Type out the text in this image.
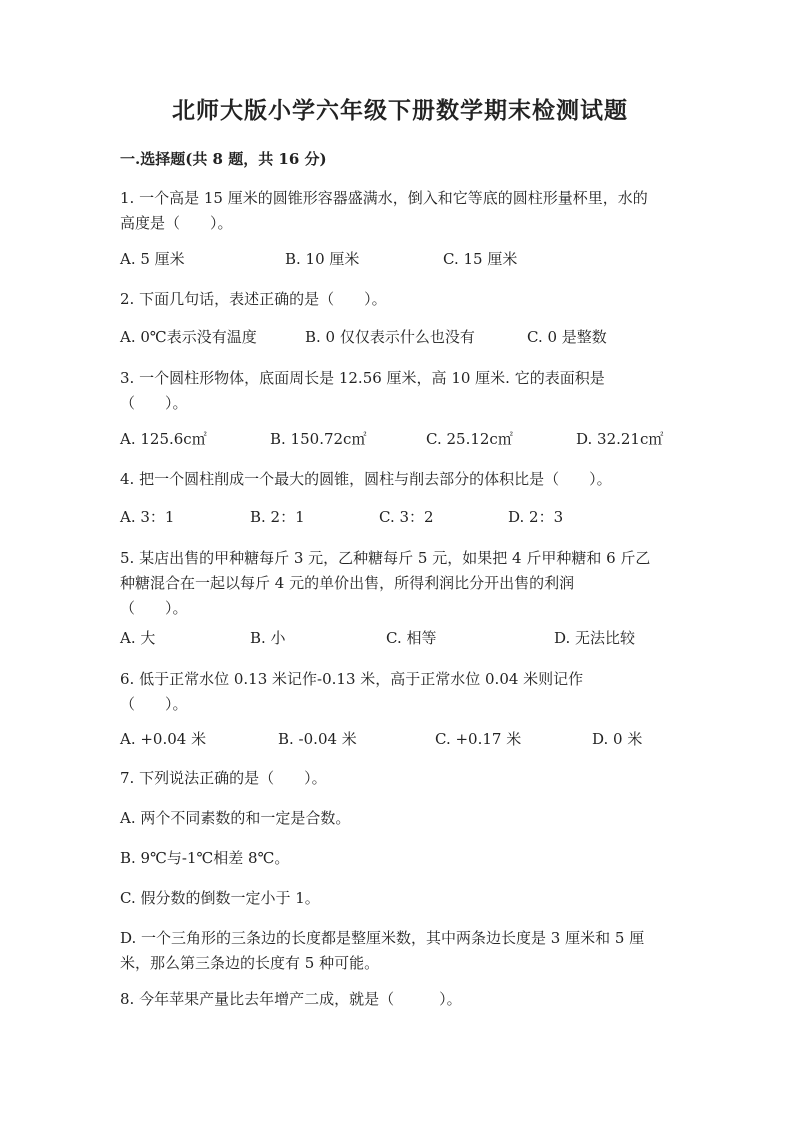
北师大版小学六年级下册数学期末检测试题
一.选择题(共 8 题，共 16 分)
1. 一个高是 15 厘米的圆锥形容器盛满水，倒入和它等底的圆柱形量杯里，水的
高度是（　　）。
A. 5 厘米	B. 10 厘米	C. 15 厘米
2. 下面几句话，表述正确的是（　　）。
A. 0℃表示没有温度	B. 0 仅仅表示什么也没有	C. 0 是整数
3. 一个圆柱形物体，底面周长是 12.56 厘米，高 10 厘米. 它的表面积是
（　　）。
A. 125.6c㎡	B. 150.72c㎡	C. 25.12c㎡	D. 32.21c㎡
4. 把一个圆柱削成一个最大的圆锥，圆柱与削去部分的体积比是（　　）。
A. 3：1	B. 2：1	C. 3：2	D. 2：3
5. 某店出售的甲种糖每斤 3 元，乙种糖每斤 5 元，如果把 4 斤甲种糖和 6 斤乙
种糖混合在一起以每斤 4 元的单价出售，所得利润比分开出售的利润
（　　）。
A. 大	B. 小	C. 相等	D. 无法比较
6. 低于正常水位 0.13 米记作-0.13 米，高于正常水位 0.04 米则记作
（　　）。
A. +0.04 米	B. -0.04 米	C. +0.17 米	D. 0 米
7. 下列说法正确的是（　　）。
A. 两个不同素数的和一定是合数。
B. 9℃与-1℃相差 8℃。
C. 假分数的倒数一定小于 1。
D. 一个三角形的三条边的长度都是整厘米数，其中两条边长度是 3 厘米和 5 厘
米，那么第三条边的长度有 5 种可能。
8. 今年苹果产量比去年增产二成，就是（　　　）。
